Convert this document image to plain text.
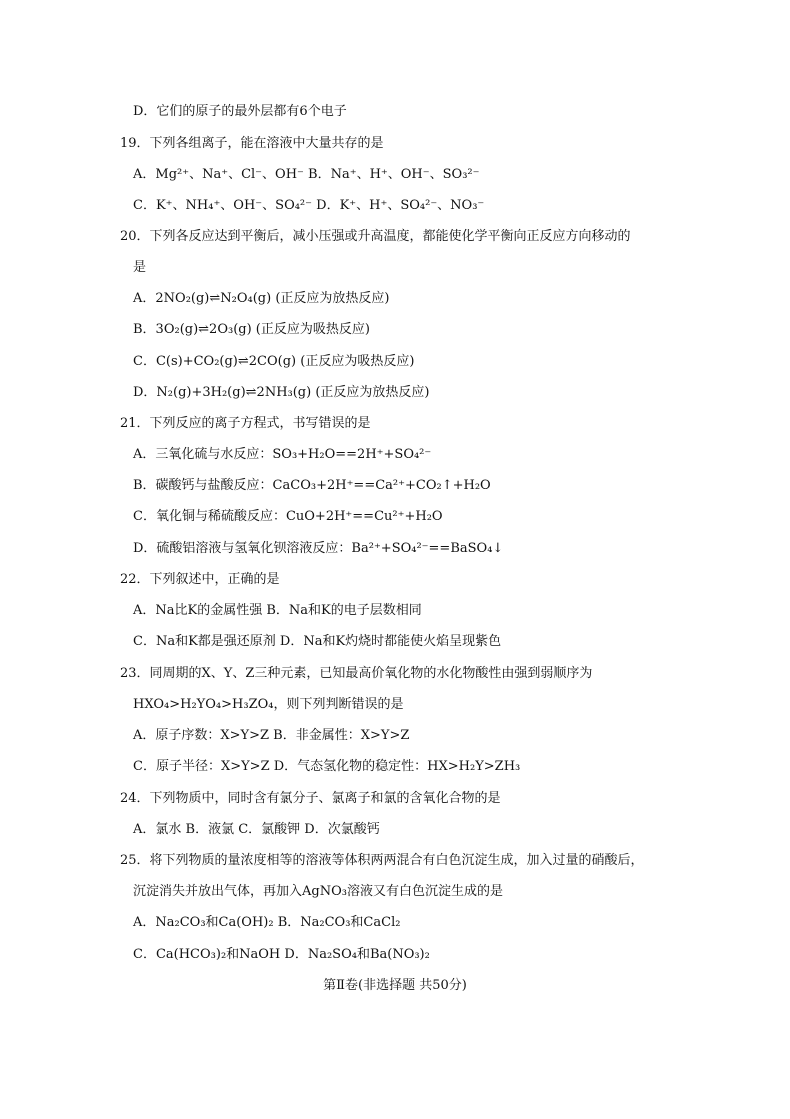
D．它们的原子的最外层都有6个电子
19．下列各组离子，能在溶液中大量共存的是
A．Mg²⁺、Na⁺、Cl⁻、OH⁻ B．Na⁺、H⁺、OH⁻、SO₃²⁻
C．K⁺、NH₄⁺、OH⁻、SO₄²⁻ D．K⁺、H⁺、SO₄²⁻、NO₃⁻
20．下列各反应达到平衡后，减小压强或升高温度，都能使化学平衡向正反应方向移动的
是
A．2NO₂(g)⇌N₂O₄(g) (正反应为放热反应)
B．3O₂(g)⇌2O₃(g) (正反应为吸热反应)
C．C(s)+CO₂(g)⇌2CO(g) (正反应为吸热反应)
D．N₂(g)+3H₂(g)⇌2NH₃(g) (正反应为放热反应)
21．下列反应的离子方程式，书写错误的是
A．三氧化硫与水反应：SO₃+H₂O==2H⁺+SO₄²⁻
B．碳酸钙与盐酸反应：CaCO₃+2H⁺==Ca²⁺+CO₂↑+H₂O
C．氧化铜与稀硫酸反应：CuO+2H⁺==Cu²⁺+H₂O
D．硫酸铝溶液与氢氧化钡溶液反应：Ba²⁺+SO₄²⁻==BaSO₄↓
22．下列叙述中，正确的是
A．Na比K的金属性强 B．Na和K的电子层数相同
C．Na和K都是强还原剂 D．Na和K灼烧时都能使火焰呈现紫色
23．同周期的X、Y、Z三种元素，已知最高价氧化物的水化物酸性由强到弱顺序为
HXO₄>H₂YO₄>H₃ZO₄，则下列判断错误的是
A．原子序数：X>Y>Z B．非金属性：X>Y>Z
C．原子半径：X>Y>Z D．气态氢化物的稳定性：HX>H₂Y>ZH₃
24．下列物质中，同时含有氯分子、氯离子和氯的含氧化合物的是
A．氯水 B．液氯 C．氯酸钾 D．次氯酸钙
25．将下列物质的量浓度相等的溶液等体积两两混合有白色沉淀生成，加入过量的硝酸后，
沉淀消失并放出气体，再加入AgNO₃溶液又有白色沉淀生成的是
A．Na₂CO₃和Ca(OH)₂ B．Na₂CO₃和CaCl₂
C．Ca(HCO₃)₂和NaOH D．Na₂SO₄和Ba(NO₃)₂
第Ⅱ卷(非选择题 共50分)
